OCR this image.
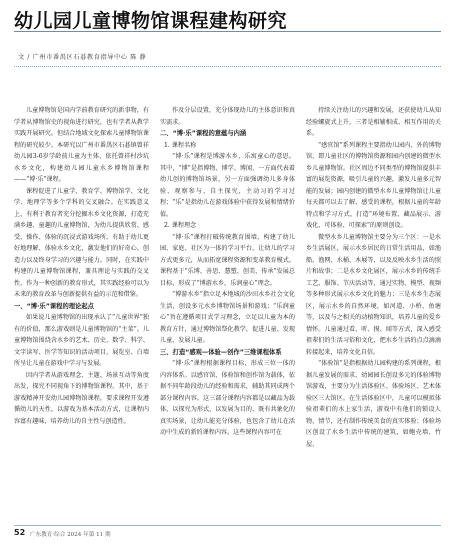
幼儿园儿童博物馆课程建构研究
文 / 广州市番禺区石碁教育指导中心 陈 静

儿童博物馆是国内学前教育研究的新事物，有学者从博物馆史的视角进行研究，也有学者从教学实践开展研究。但结合地域文化探索儿童博物馆课程的研究较少。本研究以广州市番禺区石碁镇曾祥幼儿园3-6岁学龄前儿童为主体，依托曾祥村沙坑水乡文化，构建幼儿园儿童水乡博物馆课程——“博·乐”课程。

课程促进了儿童学、教育学、博物馆学、文化学、地理学等多个学科的交叉融合。在实践意义上，有利于教育者充分挖掘水乡文化资源，打造充满乡趣、童趣的儿童博物馆，为幼儿提供欣赏、感受、操作、体验的沉浸式游戏场所。有助于幼儿更好地理解、体验水乡文化，激发他们的好奇心、创造力以及终身学习的兴趣与能力。同时，在实践中构建的儿童博物馆课程，兼具理论与实践的交叉性，作为一种创新的教育形式，其实践经验可以为未来的教育改革与创新提供有益的示范和借鉴。

一、“博·乐”课程的理论起点

如果说儿童博物馆的出现承认了“儿童世界”独有的价值，那么游戏则是儿童博物馆的“主菜”。儿童博物馆围绕含水乡的艺术、历史、数学、科学、文字读写、医学等知识的活动项目，展览室、白墙所呈让儿童在游戏中学习与发展。

因内学者从游戏理念、主题、场景互动等角度出发，探究不同视角下的博物馆课程。其中，基于游戏精神开发幼儿园博物馆课程，要求课程开发遵循幼儿的天性，以游戏为基本活动方式，让课程内容富有趣味，培养幼儿的自主性与创造性。

作及分层设置，充分体现幼儿的主体意识和真实需求。

二、“博·乐”课程的意蕴与内涵

1. 课程名称

“博·乐”课程是博游水乡，乐寓童心的意思。其中，“博”是指博物、博学、博闻，一方面代表着幼儿创的博物馆场景，另一方面强调幼儿多身体验、观察参与、自主探究，主动习的学习过程；“乐”是指幼儿在游戏体验中获得发展和情绪价值。

2. 课程理念

“博·乐”课程打破传统教育围墙，构建了幼儿园、家庭、社区为一体的学习平台，让幼儿的学习方式更多元，从而拓宽课程资源和变革教育模式。课程基于“乐博、善思、慧塑、创美、传承”发展总目标，形成了“博游水乡，乐润童心”理念。

“博游水乡”指立足本地城的沙田水乡社会文化生活，创设多元水乡博物馆场景和游戏；“乐润童心”旨在遵循项目式学习理念，立足以儿童为本的教育方针，通过博物馆祭化教学，促进儿童、发现儿童、发展儿童。

三、打造“感观—体验—创作”三维课程体系

“博·乐”课程根据课程目标，形成三位一体的内容体系。以感官馆、体验馆和创作馆为载体，依据不同年龄段幼儿的经验和需求，辅助其同成两个部分课程内容。这三部分课程内容都是以藏品为载体，以探究为形式，以发展为目的，既有共象化的真实场景，让幼儿能充分体验，也包含了幼儿在活动中生成的新的课程内容。这些课程内容可在

持续关注幼儿的兴趣和发展，还获使幼儿从知经验螺旋式上升，三者是相辅相成、相互作用的关系。

“感官馆”系列课程主要指幼儿园内、外的博物馆，即儿童社区的博物馆资源和园内创建的微型水乡儿童博物馆。社区周边不同类型的博物馆提供丰富的展览资源，吸引儿童的兴趣，激发儿童多元智能的发展；园内创建的微型水乡儿童博物馆让儿童每天都可以去了解、感受的课程，根据儿童的年龄特点和学习方式，打造“环境布置、藏品展示、游戏化、可体验、可探索”的原则创设。

微型水乡儿童博物馆主要分为三个区：一是水乡生活展区，展示水乡居民的日常生活用品，如渔船、渔网、水桶、木屐等，以及反映水乡生活的照片和故事；二是水乡文化展区，展示水乡的传统手工艺、服饰、节庆活动等，通过实物、模型、视频等多种形式展示水乡文化的魅力；三是水乡生态展区，展示水乡的自然环境，如河道、小桥、鱼塘等，以及与之相关的动植物知识，培养儿童的爱乡情怀。儿童通过看、听、摸、闻等方式，深入感受祖辈们的生活习俗和文化，把水乡生活的点点滴滴转接起来，培养文化自信。

“体验馆”是指根据幼儿园构建的系列课程，根据儿童发展的需求，幼园园长创设多元的体验博物馆游戏，主要分为生活体验区、体验场区、艺术体验区三大馆区。在生活体验区中，儿童可以模拟体验祖辈们的水上家生活，游戏中有他们的锁设人物，情节，还有制作传统美食的真实体验；体验场区创设了水乡生活中传统的建筑，如鲍壳墙、竹屋、

52 广东教育·综合 2024 年第 11 期
